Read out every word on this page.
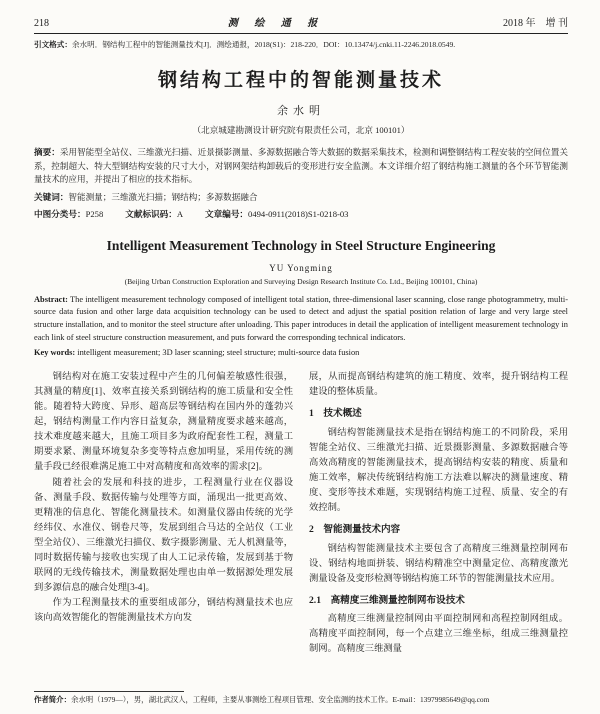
218	测 绘 通 报	2018 年　增 刊
引文格式：余水明．钢结构工程中的智能测量技术[J]．测绘通报，2018(S1)：218-220．DOI：10.13474/j.cnki.11-2246.2018.0549.
钢结构工程中的智能测量技术
余水明
（北京城建勘测设计研究院有限责任公司，北京 100101）
摘要：采用智能型全站仪、三维激光扫描、近景摄影测量、多源数据融合等大数据的数据采集技术，检测和调整钢结构工程安装的空间位置关系，控制超大、特大型钢结构安装的尺寸大小，对钢网架结构卸载后的变形进行安全监测。本文详细介绍了钢结构施工测量的各个环节智能测量技术的应用，并提出了相应的技术指标。
关键词：智能测量；三维激光扫描；钢结构；多源数据融合
中图分类号：P258	文献标识码：A	文章编号：0494-0911(2018)S1-0218-03
Intelligent Measurement Technology in Steel Structure Engineering
YU Yongming
(Beijing Urban Construction Exploration and Surveying Design Research Institute Co. Ltd., Beijing 100101, China)
Abstract: The intelligent measurement technology composed of intelligent total station, three-dimensional laser scanning, close range photogrammetry, multi-source data fusion and other large data acquisition technology can be used to detect and adjust the spatial position relation of large and very large steel structure installation, and to monitor the steel structure after unloading. This paper introduces in detail the application of intelligent measurement technology in each link of steel structure construction measurement, and puts forward the corresponding technical indicators.
Key words: intelligent measurement; 3D laser scanning; steel structure; multi-source data fusion

钢结构对在施工安装过程中产生的几何偏差敏感性很强，其测量的精度[1]、效率直接关系到钢结构的施工质量和安全性能。随着特大跨度、异形、超高层等钢结构在国内外的蓬勃兴起，钢结构测量工作内容日益复杂，测量精度要求越来越高，技术难度越来越大，且施工项目多为政府配套性工程，测量工期要求紧、测量环境复杂多变等特点愈加明显，采用传统的测量手段已经很难满足施工中对高精度和高效率的需求[2]。

随着社会的发展和科技的进步，工程测量行业在仪器设备、测量手段、数据传输与处理等方面，涌现出一批更高效、更精准的信息化、智能化测量技术。如测量仪器由传统的光学经纬仪、水准仪、钢卷尺等，发展到组合马达的全站仪（工业型全站仪）、三维激光扫描仪、数字摄影测量、无人机测量等，同时数据传输与接收也实现了由人工记录传输，发展到基于物联网的无线传输技术，测量数据处理也由单一数据源处理发展到多源信息的融合处理[3-4]。

作为工程测量技术的重要组成部分，钢结构测量技术也应该向高效智能化的智能测量技术方向发

展，从而提高钢结构建筑的施工精度、效率，提升钢结构工程建设的整体质量。

1　技术概述

钢结构智能测量技术是指在钢结构施工的不同阶段，采用智能全站仪、三维激光扫描、近景摄影测量、多源数据融合等高效高精度的智能测量技术，提高钢结构安装的精度、质量和施工效率，解决传统钢结构施工方法难以解决的测量速度、精度、变形等技术难题，实现钢结构施工过程、质量、安全的有效控制。

2　智能测量技术内容

钢结构智能测量技术主要包含了高精度三维测量控制网布设、钢结构地面拼装、钢结构精准空中测量定位、高精度激光测量设备及变形检测等钢结构施工环节的智能测量技术应用。

2.1　高精度三维测量控制网布设技术

高精度三维测量控制网由平面控制网和高程控制网组成。高精度平面控制网，每一个点建立三维坐标，组成三维测量控制网。高精度三维测量

作者简介：余水明（1979—），男，湖北武汉人，工程师，主要从事测绘工程项目管理、安全监测的技术工作。E-mail：13979985649@qq.com
